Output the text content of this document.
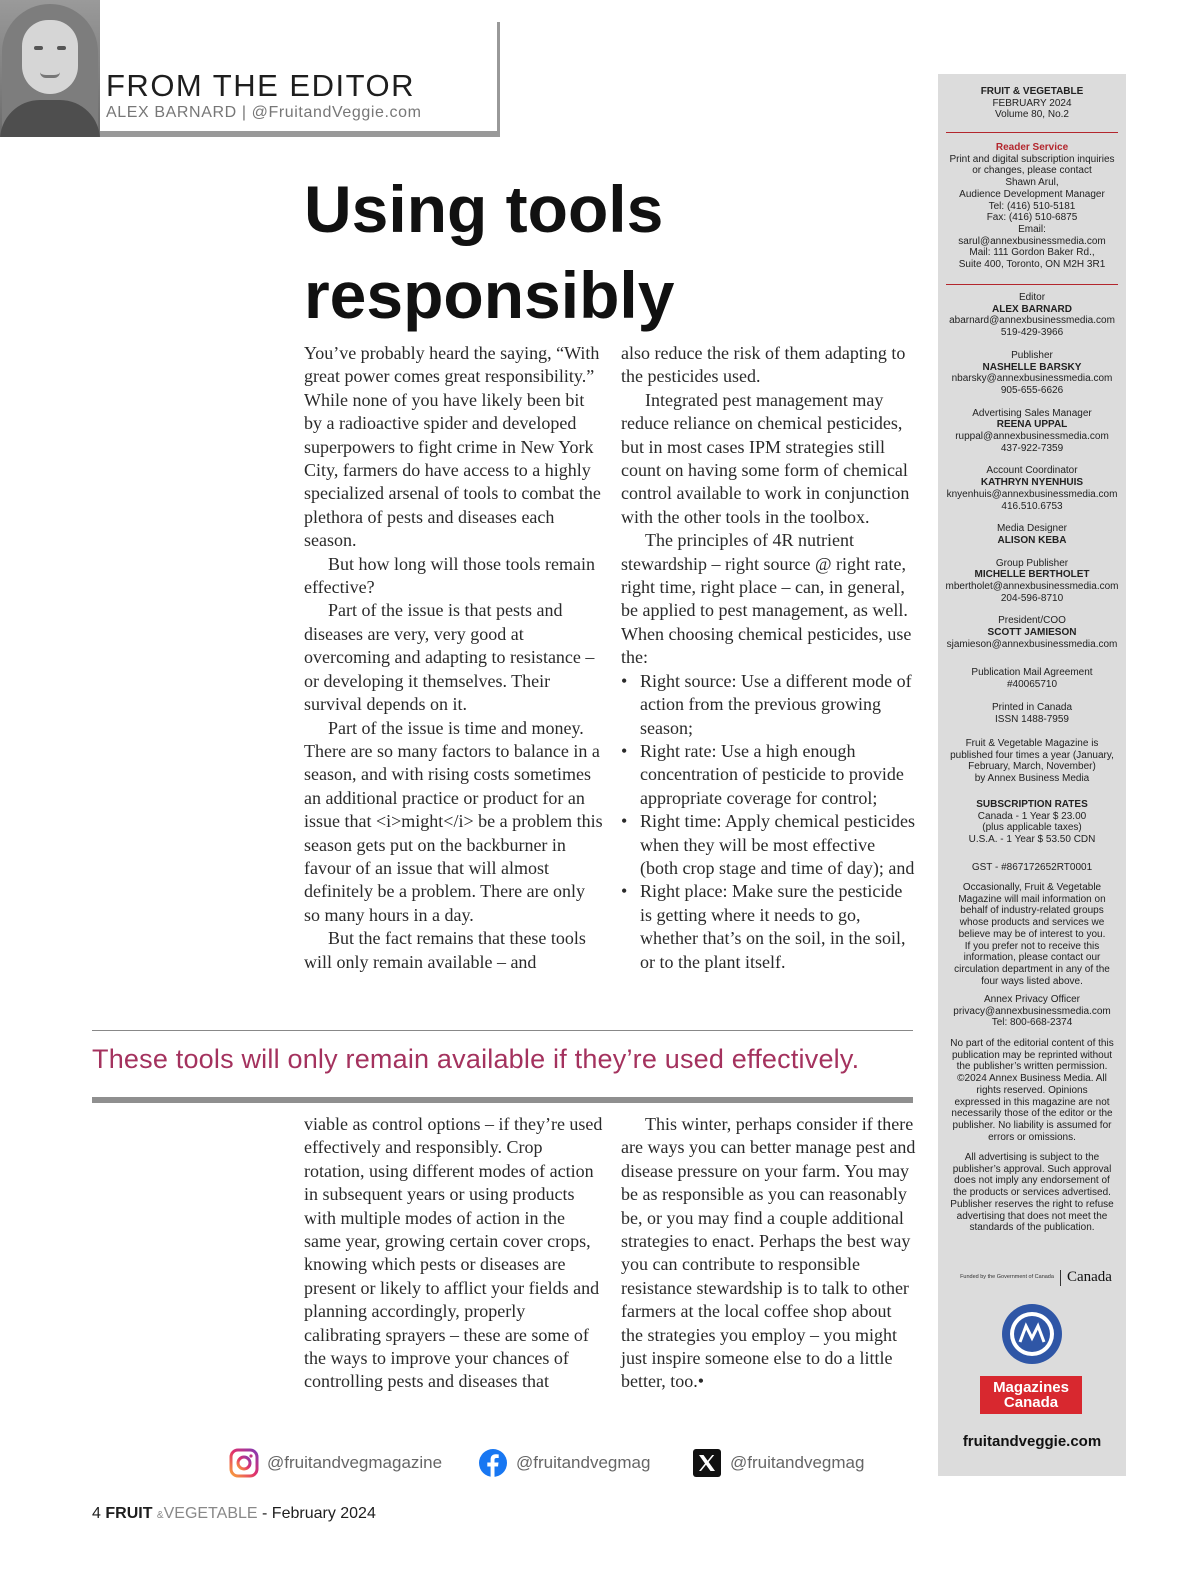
FROM THE EDITOR
ALEX BARNARD | @FruitandVeggie.com
Using tools
responsibly

You’ve probably heard the saying, “With great power comes great responsibility.” While none of you have likely been bit by a radioactive spider and developed superpowers to fight crime in New York City, farmers do have access to a highly specialized arsenal of tools to combat the plethora of pests and diseases each season.

But how long will those tools remain effective?

Part of the issue is that pests and diseases are very, very good at overcoming and adapting to resistance – or developing it themselves. Their survival depends on it.

Part of the issue is time and money. There are so many factors to balance in a season, and with rising costs sometimes an additional practice or product for an issue that <i>might</i> be a problem this season gets put on the backburner in favour of an issue that will almost definitely be a problem. There are only so many hours in a day.

But the fact remains that these tools will only remain available – and

also reduce the risk of them adapting to the pesticides used.

Integrated pest management may reduce reliance on chemical pesticides, but in most cases IPM strategies still count on having some form of chemical control available to work in conjunction with the other tools in the toolbox.

The principles of 4R nutrient stewardship – right source @ right rate, right time, right place – can, in general, be applied to pest management, as well. When choosing chemical pesticides, use the:

• Right source: Use a different mode of action from the previous growing season;
• Right rate: Use a high enough concentration of pesticide to provide appropriate coverage for control;
• Right time: Apply chemical pesticides when they will be most effective (both crop stage and time of day); and
• Right place: Make sure the pesticide is getting where it needs to go, whether that’s on the soil, in the soil, or to the plant itself.
These tools will only remain available if they’re used effectively.

viable as control options – if they’re used effectively and responsibly. Crop rotation, using different modes of action in subsequent years or using products with multiple modes of action in the same year, growing certain cover crops, knowing which pests or diseases are present or likely to afflict your fields and planning accordingly, properly calibrating sprayers – these are some of the ways to improve your chances of controlling pests and diseases that

This winter, perhaps consider if there are ways you can better manage pest and disease pressure on your farm. You may be as responsible as you can reasonably be, or you may find a couple additional strategies to enact. Perhaps the best way you can contribute to responsible resistance stewardship is to talk to other farmers at the local coffee shop about the strategies you employ – you might just inspire someone else to do a little better, too.•

@fruitandvegmagazine	@fruitandvegmag	@fruitandvegmag
4 FRUIT &VEGETABLE - February 2024
FRUIT & VEGETABLE
FEBRUARY 2024
Volume 80, No.2
Reader Service
Print and digital subscription inquiries
or changes, please contact
Shawn Arul,
Audience Development Manager
Tel: (416) 510-5181
Fax: (416) 510-6875
Email:
sarul@annexbusinessmedia.com
Mail: 111 Gordon Baker Rd.,
Suite 400, Toronto, ON M2H 3R1
Editor
ALEX BARNARD
abarnard@annexbusinessmedia.com
519-429-3966
Publisher
NASHELLE BARSKY
nbarsky@annexbusinessmedia.com
905-655-6626
Advertising Sales Manager
REENA UPPAL
ruppal@annexbusinessmedia.com
437-922-7359
Account Coordinator
KATHRYN NYENHUIS
knyenhuis@annexbusinessmedia.com
416.510.6753
Media Designer
ALISON KEBA
Group Publisher
MICHELLE BERTHOLET
mbertholet@annexbusinessmedia.com
204-596-8710
President/COO
SCOTT JAMIESON
sjamieson@annexbusinessmedia.com
Publication Mail Agreement
#40065710
Printed in Canada
ISSN 1488-7959
Fruit & Vegetable Magazine is
published four times a year (January,
February, March, November)
by Annex Business Media
SUBSCRIPTION RATES
Canada - 1 Year $ 23.00
(plus applicable taxes)
U.S.A. - 1 Year $ 53.50 CDN
GST - #867172652RT0001
Occasionally, Fruit & Vegetable
Magazine will mail information on
behalf of industry-related groups
whose products and services we
believe may be of interest to you.
If you prefer not to receive this
information, please contact our
circulation department in any of the
four ways listed above.
Annex Privacy Officer
privacy@annexbusinessmedia.com
Tel: 800-668-2374
No part of the editorial content of this
publication may be reprinted without
the publisher’s written permission.
©2024 Annex Business Media. All
rights reserved. Opinions
expressed in this magazine are not
necessarily those of the editor or the
publisher. No liability is assumed for
errors or omissions.
All advertising is subject to the
publisher’s approval. Such approval
does not imply any endorsement of
the products or services advertised.
Publisher reserves the right to refuse
advertising that does not meet the
standards of the publication.
Funded by the Government of Canada Canada
Magazines
Canada
fruitandveggie.com
